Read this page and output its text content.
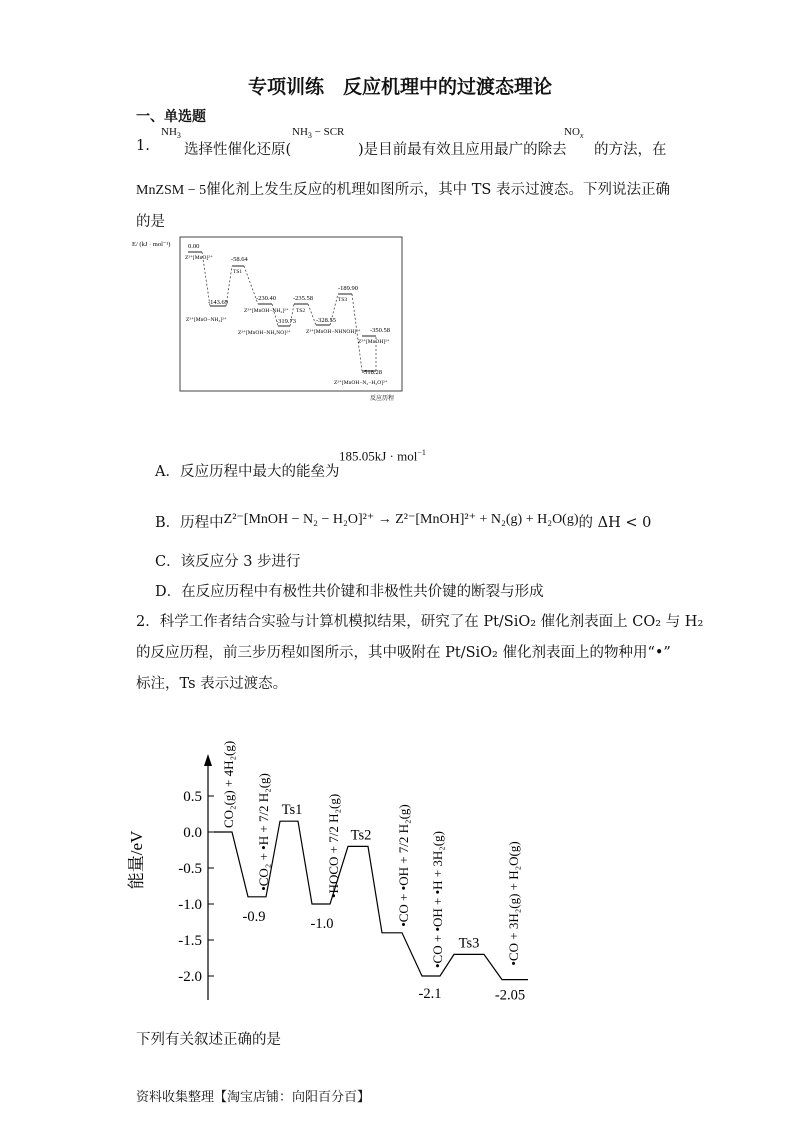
专项训练　反应机理中的过渡态理论
一、单选题
1.
$NH_3$
选择性催化还原(
$NH_3$ − SCR
)是目前最有效且应用最广的除去
$NO_x$
的方法，在
MnZSM − 5催化剂上发生反应的机理如图所示，其中 TS 表示过渡态。下列说法正确
的是
E/ (kJ · mol⁻¹)	0.00
-58.64
-143.69
-230.40	-235.58
-319.73	-328.55
-189.90
-350.58
-518.28
Z²⁺[MnO]²⁺
TS1
Z²⁺[MnO−NH₃]²⁺
Z²⁺[MnOH−NH₂]²⁺ TS2
Z²⁺[MnOH−NH₂NO]²⁺	Z²⁺[MnOH−NHNOH]²⁺
TS3
Z²⁺[MnOH]²⁺
Z²⁺[MnOH−N₂−H₂O]²⁺
反应历程
A．反应历程中最大的能垒为
185.05kJ · mol$^{-1}$
B．历程中Z²⁻[MnOH − N₂ − H₂O]²⁺ → Z²⁻[MnOH]²⁺ + N₂(g) + H₂O(g)的 ΔH < 0
C．该反应分 3 步进行
D．在反应历程中有极性共价键和非极性共价键的断裂与形成
2．科学工作者结合实验与计算机模拟结果，研究了在 Pt/SiO₂ 催化剂表面上 CO₂ 与 H₂
的反应历程，前三步历程如图所示，其中吸附在 Pt/SiO₂ 催化剂表面上的物种用“•”
标注，Ts 表示过渡态。
能量/eV
0.5
0.0
-0.5
-1.0
-1.5
-2.0
-0.9	-1.0
-2.1	-2.05
Ts1
Ts2
Ts3
CO₂(g) + 4H₂(g) •CO₂ + •H + 7/2 H₂(g)	•HOCO + 7/2 H₂(g)	•CO + •OH + 7/2 H₂(g) •CO + •OH + •H + 3H₂(g)	•CO + 3H₂(g) + H₂O(g)
下列有关叙述正确的是
资料收集整理【淘宝店铺：向阳百分百】
